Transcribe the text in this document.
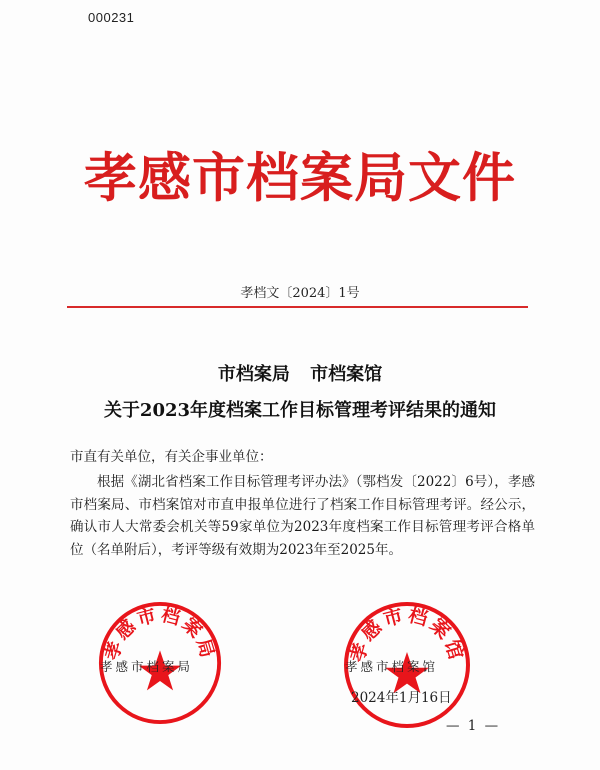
000231
孝感市档案局文件
孝档文〔2024〕1号
市档案局 市档案馆
关于2023年度档案工作目标管理考评结果的通知
市直有关单位，有关企事业单位：

根据《湖北省档案工作目标管理考评办法》（鄂档发〔2022〕6号），孝感市档案局、市档案馆对市直申报单位进行了档案工作目标管理考评。经公示，确认市人大常委会机关等59家单位为2023年度档案工作目标管理考评合格单位（名单附后），考评等级有效期为2023年至2025年。

孝感市档案局	孝感市档案馆
孝感市档案局	孝感市档案馆
2024年1月16日
— 1 —
